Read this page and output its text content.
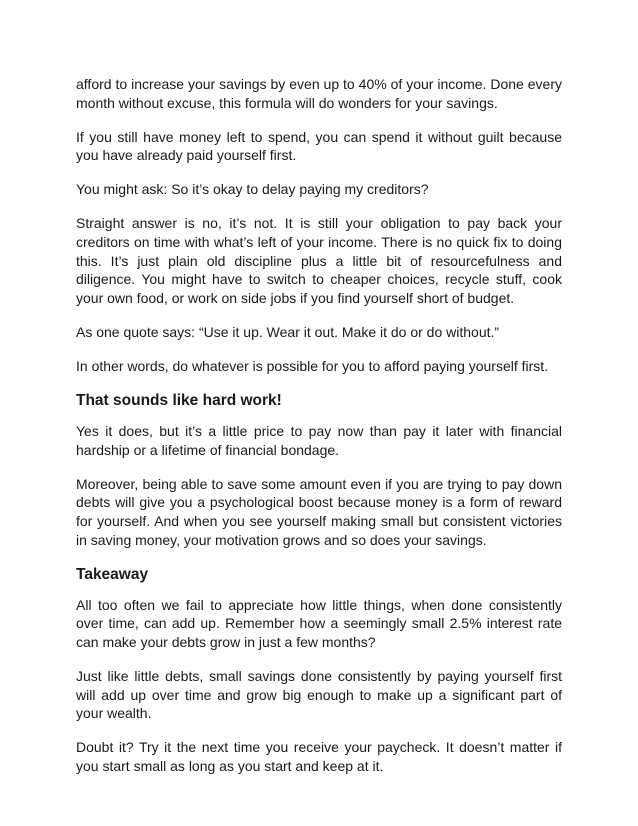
afford to increase your savings by even up to 40% of your income. Done every month without excuse, this formula will do wonders for your savings.

If you still have money left to spend, you can spend it without guilt because you have already paid yourself first.

You might ask: So it’s okay to delay paying my creditors?

Straight answer is no, it’s not. It is still your obligation to pay back your creditors on time with what’s left of your income. There is no quick fix to doing this. It’s just plain old discipline plus a little bit of resourcefulness and diligence. You might have to switch to cheaper choices, recycle stuff, cook your own food, or work on side jobs if you find yourself short of budget.

As one quote says: “Use it up. Wear it out. Make it do or do without.”

In other words, do whatever is possible for you to afford paying yourself first.

That sounds like hard work!

Yes it does, but it’s a little price to pay now than pay it later with financial hardship or a lifetime of financial bondage.

Moreover, being able to save some amount even if you are trying to pay down debts will give you a psychological boost because money is a form of reward for yourself. And when you see yourself making small but consistent victories in saving money, your motivation grows and so does your savings.

Takeaway

All too often we fail to appreciate how little things, when done consistently over time, can add up. Remember how a seemingly small 2.5% interest rate can make your debts grow in just a few months?

Just like little debts, small savings done consistently by paying yourself first will add up over time and grow big enough to make up a significant part of your wealth.

Doubt it? Try it the next time you receive your paycheck. It doesn’t matter if you start small as long as you start and keep at it.
